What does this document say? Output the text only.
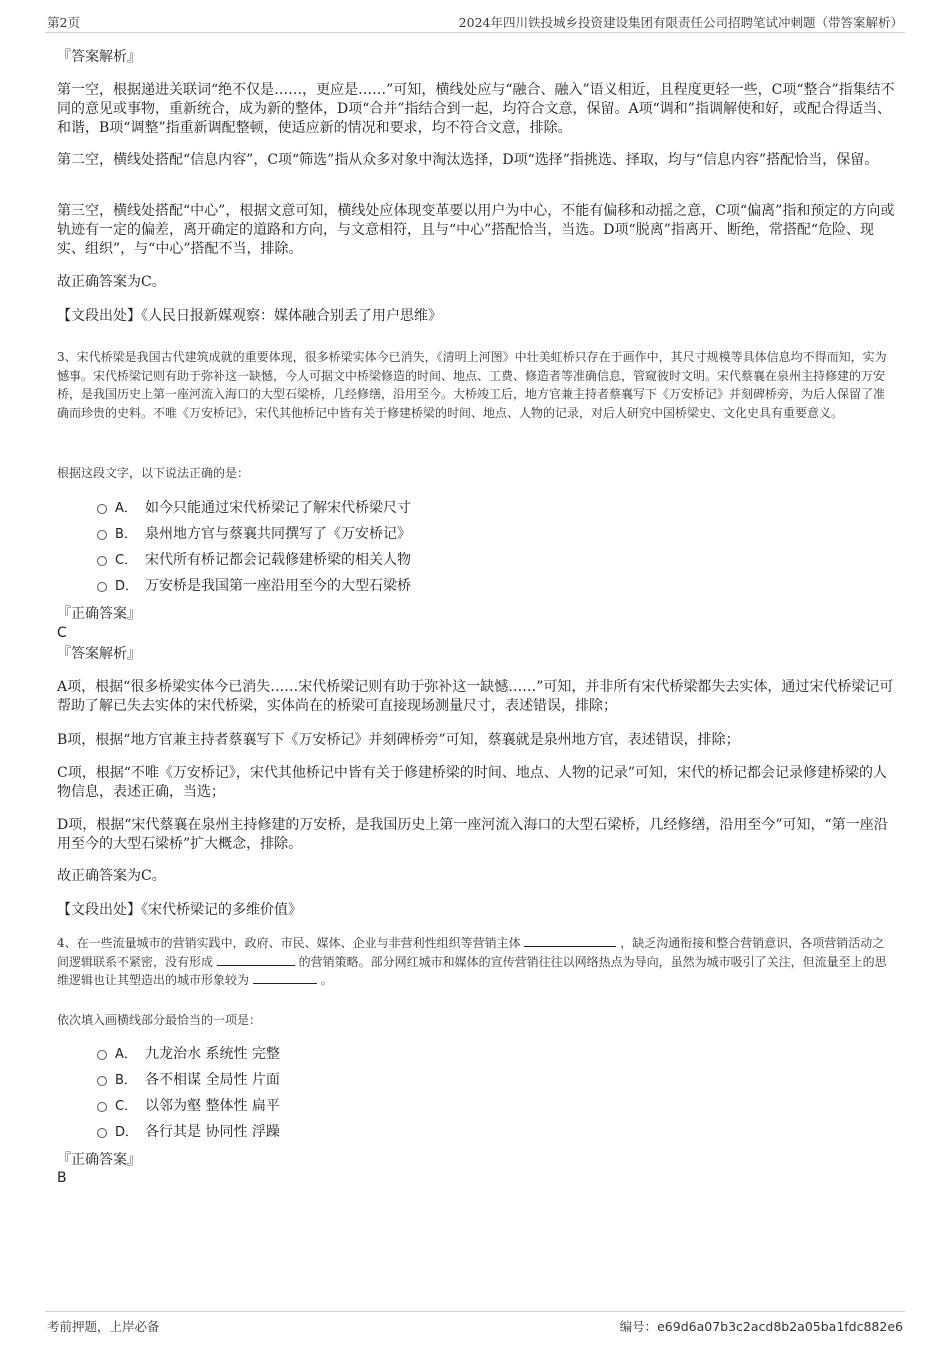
第2页	2024年四川铁投城乡投资建设集团有限责任公司招聘笔试冲刺题（带答案解析）

『答案解析』

第一空，根据递进关联词“绝不仅是……，更应是……”可知，横线处应与“融合、融入”语义相近，且程度更轻一些，C项“整合”指集结不同的意见或事物，重新统合，成为新的整体，D项“合并”指结合到一起，均符合文意，保留。A项“调和”指调解使和好，或配合得适当、和谐，B项“调整”指重新调配整顿，使适应新的情况和要求，均不符合文意，排除。

第二空，横线处搭配“信息内容”，C项“筛选”指从众多对象中淘汰选择，D项“选择”指挑选、择取，均与“信息内容”搭配恰当，保留。

第三空，横线处搭配“中心”，根据文意可知，横线处应体现变革要以用户为中心，不能有偏移和动摇之意，C项“偏离”指和预定的方向或轨迹有一定的偏差，离开确定的道路和方向，与文意相符，且与“中心”搭配恰当，当选。D项“脱离”指离开、断绝，常搭配“危险、现实、组织”，与“中心”搭配不当，排除。

故正确答案为C。

【文段出处】《人民日报新媒观察：媒体融合别丢了用户思维》

3、宋代桥梁是我国古代建筑成就的重要体现，很多桥梁实体今已消失，《清明上河图》中壮美虹桥只存在于画作中，其尺寸规模等具体信息均不得而知，实为憾事。宋代桥梁记则有助于弥补这一缺憾，今人可据文中桥梁修造的时间、地点、工费、修造者等准确信息，管窥彼时文明。宋代蔡襄在泉州主持修建的万安桥，是我国历史上第一座河流入海口的大型石梁桥，几经修缮，沿用至今。大桥竣工后，地方官兼主持者蔡襄写下《万安桥记》并刻碑桥旁，为后人保留了准确而珍贵的史料。不唯《万安桥记》，宋代其他桥记中皆有关于修建桥梁的时间、地点、人物的记录，对后人研究中国桥梁史、文化史具有重要意义。

根据这段文字，以下说法正确的是：

A． 如今只能通过宋代桥梁记了解宋代桥梁尺寸
B． 泉州地方官与蔡襄共同撰写了《万安桥记》
C． 宋代所有桥记都会记载修建桥梁的相关人物
D． 万安桥是我国第一座沿用至今的大型石梁桥

『正确答案』

C

『答案解析』

A项，根据“很多桥梁实体今已消失……宋代桥梁记则有助于弥补这一缺憾……”可知，并非所有宋代桥梁都失去实体，通过宋代桥梁记可帮助了解已失去实体的宋代桥梁，实体尚在的桥梁可直接现场测量尺寸，表述错误，排除；

B项，根据“地方官兼主持者蔡襄写下《万安桥记》并刻碑桥旁”可知，蔡襄就是泉州地方官，表述错误，排除；

C项，根据“不唯《万安桥记》，宋代其他桥记中皆有关于修建桥梁的时间、地点、人物的记录”可知，宋代的桥记都会记录修建桥梁的人物信息，表述正确，当选；

D项，根据“宋代蔡襄在泉州主持修建的万安桥，是我国历史上第一座河流入海口的大型石梁桥，几经修缮，沿用至今”可知，“第一座沿用至今的大型石梁桥”扩大概念，排除。

故正确答案为C。

【文段出处】《宋代桥梁记的多维价值》

4、在一些流量城市的营销实践中，政府、市民、媒体、企业与非营利性组织等营销主体	，缺乏沟通衔接和整合营销意识，各项营销活动之间逻辑联系不紧密，没有形成	的营销策略。部分网红城市和媒体的宣传营销往往以网络热点为导向，虽然为城市吸引了关注，但流量至上的思维逻辑也让其塑造出的城市形象较为	。

依次填入画横线部分最恰当的一项是：

A． 九龙治水 系统性 完整
B． 各不相谋 全局性 片面
C． 以邻为壑 整体性 扁平
D． 各行其是 协同性 浮躁

『正确答案』

B

考前押题，上岸必备	编号：e69d6a07b3c2acd8b2a05ba1fdc882e6
